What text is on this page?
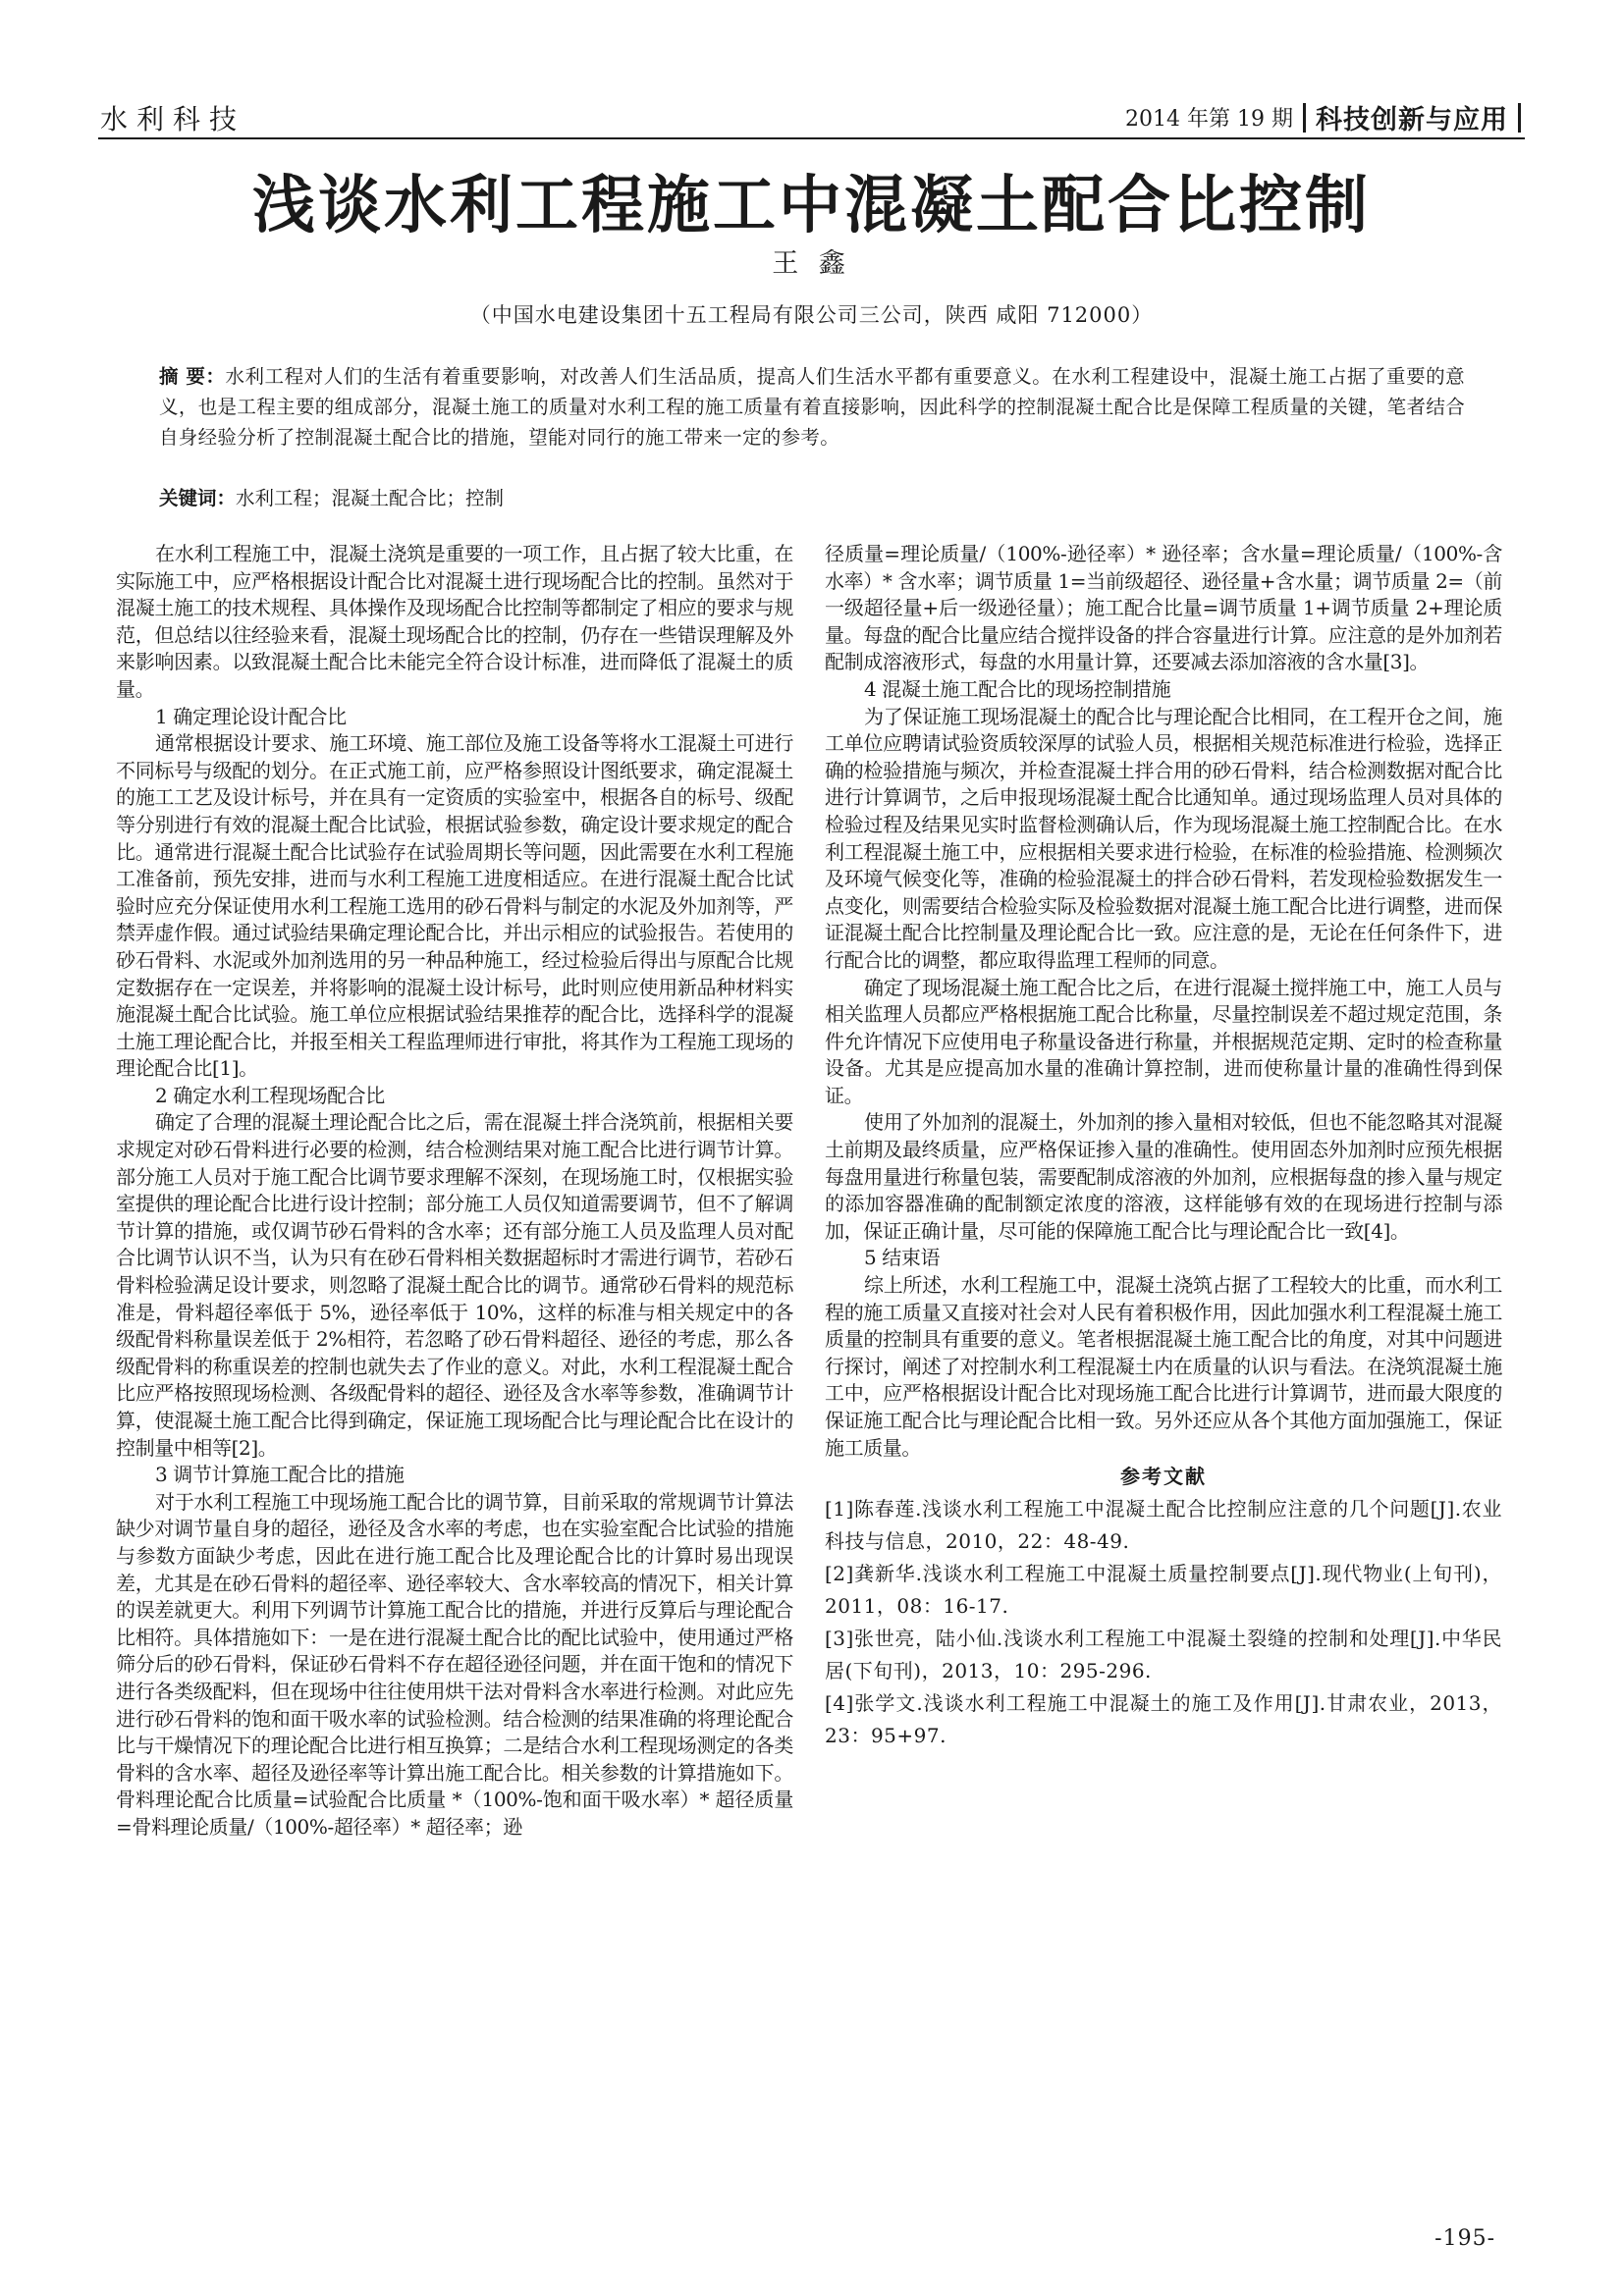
水利科技	2014 年第 19 期 科技创新与应用
浅谈水利工程施工中混凝土配合比控制
王 鑫
（中国水电建设集团十五工程局有限公司三公司，陕西 咸阳 712000）
摘 要：水利工程对人们的生活有着重要影响，对改善人们生活品质，提高人们生活水平都有重要意义。在水利工程建设中，混凝土施工占据了重要的意义，也是工程主要的组成部分，混凝土施工的质量对水利工程的施工质量有着直接影响，因此科学的控制混凝土配合比是保障工程质量的关键，笔者结合自身经验分析了控制混凝土配合比的措施，望能对同行的施工带来一定的参考。
关键词：水利工程；混凝土配合比；控制

在水利工程施工中，混凝土浇筑是重要的一项工作，且占据了较大比重，在实际施工中，应严格根据设计配合比对混凝土进行现场配合比的控制。虽然对于混凝土施工的技术规程、具体操作及现场配合比控制等都制定了相应的要求与规范，但总结以往经验来看，混凝土现场配合比的控制，仍存在一些错误理解及外来影响因素。以致混凝土配合比未能完全符合设计标准，进而降低了混凝土的质量。

1 确定理论设计配合比

通常根据设计要求、施工环境、施工部位及施工设备等将水工混凝土可进行不同标号与级配的划分。在正式施工前，应严格参照设计图纸要求，确定混凝土的施工工艺及设计标号，并在具有一定资质的实验室中，根据各自的标号、级配等分别进行有效的混凝土配合比试验，根据试验参数，确定设计要求规定的配合比。通常进行混凝土配合比试验存在试验周期长等问题，因此需要在水利工程施工准备前，预先安排，进而与水利工程施工进度相适应。在进行混凝土配合比试验时应充分保证使用水利工程施工选用的砂石骨料与制定的水泥及外加剂等，严禁弄虚作假。通过试验结果确定理论配合比，并出示相应的试验报告。若使用的砂石骨料、水泥或外加剂选用的另一种品种施工，经过检验后得出与原配合比规定数据存在一定误差，并将影响的混凝土设计标号，此时则应使用新品种材料实施混凝土配合比试验。施工单位应根据试验结果推荐的配合比，选择科学的混凝土施工理论配合比，并报至相关工程监理师进行审批，将其作为工程施工现场的理论配合比[1]。

2 确定水利工程现场配合比

确定了合理的混凝土理论配合比之后，需在混凝土拌合浇筑前，根据相关要求规定对砂石骨料进行必要的检测，结合检测结果对施工配合比进行调节计算。部分施工人员对于施工配合比调节要求理解不深刻，在现场施工时，仅根据实验室提供的理论配合比进行设计控制；部分施工人员仅知道需要调节，但不了解调节计算的措施，或仅调节砂石骨料的含水率；还有部分施工人员及监理人员对配合比调节认识不当，认为只有在砂石骨料相关数据超标时才需进行调节，若砂石骨料检验满足设计要求，则忽略了混凝土配合比的调节。通常砂石骨料的规范标准是，骨料超径率低于 5%，逊径率低于 10%，这样的标准与相关规定中的各级配骨料称量误差低于 2%相符，若忽略了砂石骨料超径、逊径的考虑，那么各级配骨料的称重误差的控制也就失去了作业的意义。对此，水利工程混凝土配合比应严格按照现场检测、各级配骨料的超径、逊径及含水率等参数，准确调节计算，使混凝土施工配合比得到确定，保证施工现场配合比与理论配合比在设计的控制量中相等[2]。

3 调节计算施工配合比的措施

对于水利工程施工中现场施工配合比的调节算，目前采取的常规调节计算法缺少对调节量自身的超径，逊径及含水率的考虑，也在实验室配合比试验的措施与参数方面缺少考虑，因此在进行施工配合比及理论配合比的计算时易出现误差，尤其是在砂石骨料的超径率、逊径率较大、含水率较高的情况下，相关计算的误差就更大。利用下列调节计算施工配合比的措施，并进行反算后与理论配合比相符。具体措施如下：一是在进行混凝土配合比的配比试验中，使用通过严格筛分后的砂石骨料，保证砂石骨料不存在超径逊径问题，并在面干饱和的情况下进行各类级配料，但在现场中往往使用烘干法对骨料含水率进行检测。对此应先进行砂石骨料的饱和面干吸水率的试验检测。结合检测的结果准确的将理论配合比与干燥情况下的理论配合比进行相互换算；二是结合水利工程现场测定的各类骨料的含水率、超径及逊径率等计算出施工配合比。相关参数的计算措施如下。骨料理论配合比质量=试验配合比质量 *（100%-饱和面干吸水率）* 超径质量=骨料理论质量/（100%-超径率）* 超径率；逊

径质量=理论质量/（100%-逊径率）* 逊径率；含水量=理论质量/（100%-含水率）* 含水率；调节质量 1=当前级超径、逊径量+含水量；调节质量 2=（前一级超径量+后一级逊径量）；施工配合比量=调节质量 1+调节质量 2+理论质量。每盘的配合比量应结合搅拌设备的拌合容量进行计算。应注意的是外加剂若配制成溶液形式，每盘的水用量计算，还要减去添加溶液的含水量[3]。

4 混凝土施工配合比的现场控制措施

为了保证施工现场混凝土的配合比与理论配合比相同，在工程开仓之间，施工单位应聘请试验资质较深厚的试验人员，根据相关规范标准进行检验，选择正确的检验措施与频次，并检查混凝土拌合用的砂石骨料，结合检测数据对配合比进行计算调节，之后申报现场混凝土配合比通知单。通过现场监理人员对具体的检验过程及结果见实时监督检测确认后，作为现场混凝土施工控制配合比。在水利工程混凝土施工中，应根据相关要求进行检验，在标准的检验措施、检测频次及环境气候变化等，准确的检验混凝土的拌合砂石骨料，若发现检验数据发生一点变化，则需要结合检验实际及检验数据对混凝土施工配合比进行调整，进而保证混凝土配合比控制量及理论配合比一致。应注意的是，无论在任何条件下，进行配合比的调整，都应取得监理工程师的同意。

确定了现场混凝土施工配合比之后，在进行混凝土搅拌施工中，施工人员与相关监理人员都应严格根据施工配合比称量，尽量控制误差不超过规定范围，条件允许情况下应使用电子称量设备进行称量，并根据规范定期、定时的检查称量设备。尤其是应提高加水量的准确计算控制，进而使称量计量的准确性得到保证。

使用了外加剂的混凝土，外加剂的掺入量相对较低，但也不能忽略其对混凝土前期及最终质量，应严格保证掺入量的准确性。使用固态外加剂时应预先根据每盘用量进行称量包装，需要配制成溶液的外加剂，应根据每盘的掺入量与规定的添加容器准确的配制额定浓度的溶液，这样能够有效的在现场进行控制与添加，保证正确计量，尽可能的保障施工配合比与理论配合比一致[4]。

5 结束语

综上所述，水利工程施工中，混凝土浇筑占据了工程较大的比重，而水利工程的施工质量又直接对社会对人民有着积极作用，因此加强水利工程混凝土施工质量的控制具有重要的意义。笔者根据混凝土施工配合比的角度，对其中问题进行探讨，阐述了对控制水利工程混凝土内在质量的认识与看法。在浇筑混凝土施工中，应严格根据设计配合比对现场施工配合比进行计算调节，进而最大限度的保证施工配合比与理论配合比相一致。另外还应从各个其他方面加强施工，保证施工质量。

参考文献

[1]陈春莲.浅谈水利工程施工中混凝土配合比控制应注意的几个问题[J].农业科技与信息，2010，22：48-49.

[2]龚新华.浅谈水利工程施工中混凝土质量控制要点[J].现代物业(上旬刊)，2011，08：16-17.

[3]张世亮，陆小仙.浅谈水利工程施工中混凝土裂缝的控制和处理[J].中华民居(下旬刊)，2013，10：295-296.

[4]张学文.浅谈水利工程施工中混凝土的施工及作用[J].甘肃农业，2013，23：95+97.

-195-
